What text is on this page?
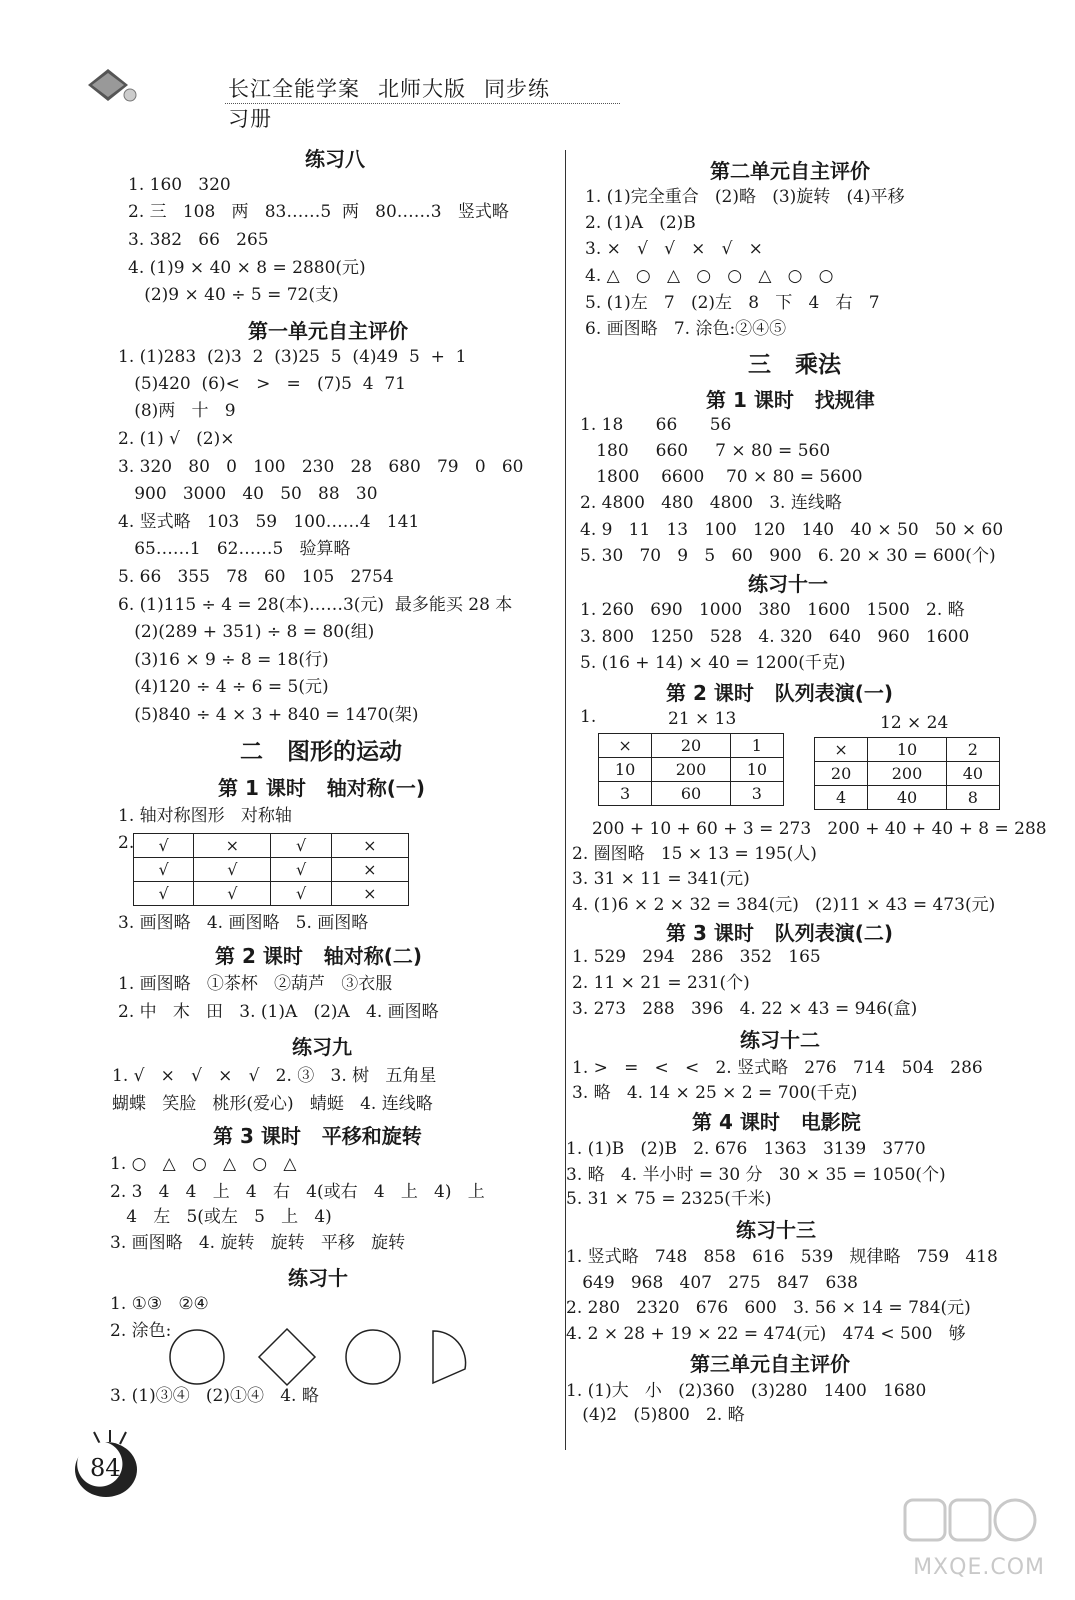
长江全能学案 北师大版 同步练习册
练习八
1. 160   320
2. 三   108   两   83……5  两   80……3   竖式略
3. 382   66   265
4. (1)9 × 40 × 8 = 2880(元)
(2)9 × 40 ÷ 5 = 72(支)
第一单元自主评价
1. (1)283  (2)3  2  (3)25  5  (4)49  5  +  1
(5)420  (6)<   >   =   (7)5  4  71
(8)两   十   9
2. (1) √   (2)×
3. 320   80   0   100   230   28   680   79   0   60
900   3000   40   50   88   30
4. 竖式略   103   59   100……4   141
65……1   62……5   验算略
5. 66   355   78   60   105   2754
6. (1)115 ÷ 4 = 28(本)……3(元)  最多能买 28 本
(2)(289 + 351) ÷ 8 = 80(组)
(3)16 × 9 ÷ 8 = 18(行)
(4)120 ÷ 4 ÷ 6 = 5(元)
(5)840 ÷ 4 × 3 + 840 = 1470(架)
二   图形的运动
第 1 课时   轴对称(一)
1. 轴对称图形   对称轴
2. √	×	√	×
√	√	√	×
√	√	√	×
3. 画图略   4. 画图略   5. 画图略
第 2 课时   轴对称(二)
1. 画图略   ①茶杯   ②葫芦   ③衣服
2. 中   木   田   3. (1)A   (2)A   4. 画图略
练习九
1. √   ×   √   ×   √   2. ③   3. 树   五角星
蝴蝶   笑脸   桃形(爱心)   蜻蜓   4. 连线略
第 3 课时   平移和旋转
1. ○   △   ○   △   ○   △
2. 3   4   4   上   4   右   4(或右   4   上   4)   上
4   左   5(或左   5   上   4)
3. 画图略   4. 旋转   旋转   平移   旋转
练习十
1. ①③   ②④
2. 涂色:
3. (1)③④   (2)①④   4. 略
第二单元自主评价
1. (1)完全重合   (2)略   (3)旋转   (4)平移
2. (1)A   (2)B
3. ×   √   √   ×   √   ×
4. △   ○   △   ○   ○   △   ○   ○
5. (1)左   7   (2)左   8   下   4   右   7
6. 画图略   7. 涂色:②④⑤
三   乘法
第 1 课时   找规律
1. 18      66      56
180     660     7 × 80 = 560
1800    6600    70 × 80 = 5600
2. 4800   480   4800   3. 连线略
4. 9   11   13   100   120   140   40 × 50   50 × 60
5. 30   70   9   5   60   900   6. 20 × 30 = 600(个)
练习十一
1. 260   690   1000   380   1600   1500   2. 略
3. 800   1250   528   4. 320   640   960   1600
5. (16 + 14) × 40 = 1200(千克)
第 2 课时   队列表演(一)
1.	21 × 13	12 × 24
×	20	1
10	200	10
3	60	3
×	10	2
20	200	40
4	40	8
200 + 10 + 60 + 3 = 273   200 + 40 + 40 + 8 = 288
2. 圈图略   15 × 13 = 195(人)
3. 31 × 11 = 341(元)
4. (1)6 × 2 × 32 = 384(元)   (2)11 × 43 = 473(元)
第 3 课时   队列表演(二)
1. 529   294   286   352   165
2. 11 × 21 = 231(个)
3. 273   288   396   4. 22 × 43 = 946(盒)
练习十二
1. >   =   <   <   2. 竖式略   276   714   504   286
3. 略   4. 14 × 25 × 2 = 700(千克)
第 4 课时   电影院
1. (1)B   (2)B   2. 676   1363   3139   3770
3. 略   4. 半小时 = 30 分   30 × 35 = 1050(个)
5. 31 × 75 = 2325(千米)
练习十三
1. 竖式略   748   858   616   539   规律略   759   418
649   968   407   275   847   638
2. 280   2320   676   600   3. 56 × 14 = 784(元)
4. 2 × 28 + 19 × 22 = 474(元)   474 < 500   够
第三单元自主评价
1. (1)大   小   (2)360   (3)280   1400   1680
(4)2   (5)800   2. 略
84
MXQE.COM
